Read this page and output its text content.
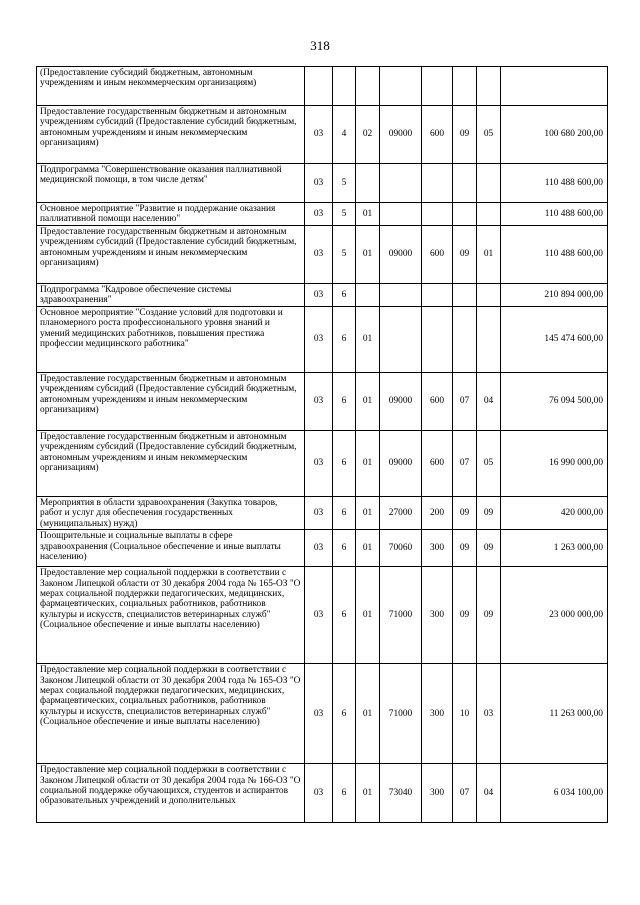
318
(Предоставление субсидий бюджетным, автономным учреждениям и иным некоммерческим организациям)								
Предоставление государственным бюджетным и автономным учреждениям субсидий (Предоставление субсидий бюджетным, автономным учреждениям и иным некоммерческим организациям)	03	4	02	09000	600	09	05	100 680 200,00
Подпрограмма "Совершенствование оказания паллиативной медицинской помощи, в том числе детям"	03	5						110 488 600,00
Основное мероприятие "Развитие и поддержание оказания паллиативной помощи населению"	03	5	01					110 488 600,00
Предоставление государственным бюджетным и автономным учреждениям субсидий (Предоставление субсидий бюджетным, автономным учреждениям и иным некоммерческим организациям)	03	5	01	09000	600	09	01	110 488 600,00
Подпрограмма "Кадровое обеспечение системы здравоохранения"	03	6						210 894 000,00
Основное мероприятие "Создание условий для подготовки и планомерного роста профессионального уровня знаний и умений медицинских работников, повышения престижа профессии медицинского работника"	03	6	01					145 474 600,00
Предоставление государственным бюджетным и автономным учреждениям субсидий (Предоставление субсидий бюджетным, автономным учреждениям и иным некоммерческим организациям)	03	6	01	09000	600	07	04	76 094 500,00
Предоставление государственным бюджетным и автономным учреждениям субсидий (Предоставление субсидий бюджетным, автономным учреждениям и иным некоммерческим организациям)	03	6	01	09000	600	07	05	16 990 000,00
Мероприятия в области здравоохранения (Закупка товаров, работ и услуг для обеспечения государственных (муниципальных) нужд)	03	6	01	27000	200	09	09	420 000,00
Поощрительные и социальные выплаты в сфере здравоохранения (Социальное обеспечение и иные выплаты населению)	03	6	01	70060	300	09	09	1 263 000,00
Предоставление мер социальной поддержки в соответствии с Законом Липецкой области от 30 декабря 2004 года № 165-ОЗ "О мерах социальной поддержки педагогических, медицинских, фармацевтических, социальных работников, работников культуры и искусств, специалистов ветеринарных служб" (Социальное обеспечение и иные выплаты населению)	03	6	01	71000	300	09	09	23 000 000,00
Предоставление мер социальной поддержки в соответствии с Законом Липецкой области от 30 декабря 2004 года № 165-ОЗ "О мерах социальной поддержки педагогических, медицинских, фармацевтических, социальных работников, работников культуры и искусств, специалистов ветеринарных служб" (Социальное обеспечение и иные выплаты населению)	03	6	01	71000	300	10	03	11 263 000,00
Предоставление мер социальной поддержки в соответствии с Законом Липецкой области от 30 декабря 2004 года № 166-ОЗ "О социальной поддержке обучающихся, студентов и аспирантов образовательных учреждений и дополнительных	03	6	01	73040	300	07	04	6 034 100,00
